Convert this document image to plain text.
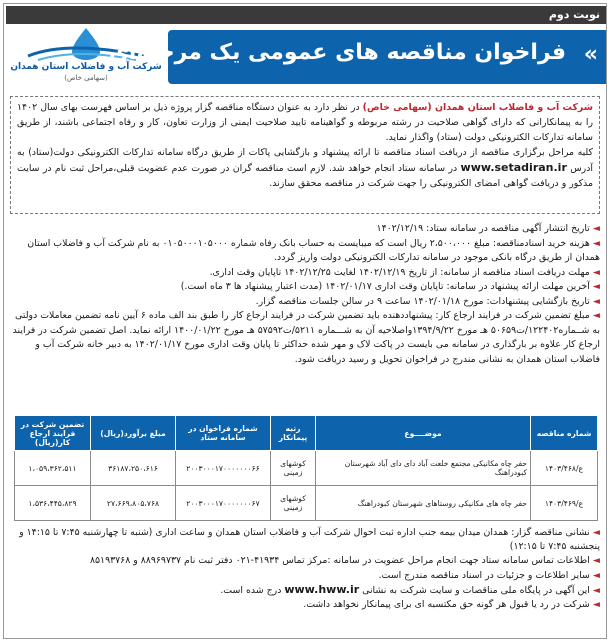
نوبت دوم
شرکت آب و فاضلاب استان همدان
(سهامی خاص)
»
فراخوان مناقصه های عمومی یک مرحله‌ای

شرکت آب و فاضلاب استان همدان (سهامی خاص) در نظر دارد به عنوان دستگاه مناقصه گزار پروژه ذیل بر اساس فهرست بهای سال ۱۴۰۲ را به پیمانکارانی که دارای گواهی صلاحیت در رشته مربوطه و گواهینامه تایید صلاحیت ایمنی از وزارت تعاون، کار و رفاه اجتماعی باشند، از طریق سامانه تدارکات الکترونیکی دولت (ستاد) واگذار نماید.

کلیه مراحل برگزاری مناقصه از دریافت اسناد مناقصه تا ارائه پیشنهاد و بازگشایی پاکات از طریق درگاه سامانه تدارکات الکترونیکی دولت(ستاد) به آدرس www.setadiran.ir در سامانه ستاد انجام خواهد شد. لازم است مناقصه گران در صورت عدم عضویت قبلی،مراحل ثبت نام در سایت مذکور و دریافت گواهی امضای الکترونیکی را جهت شرکت در مناقصه محقق سازند.

◄ تاریخ انتشار آگهی مناقصه در سامانه ستاد: ۱۴۰۲/۱۲/۱۹
◄ هزینه خرید اسنادمناقصه: مبلغ ۲،۵۰۰،۰۰۰ ریال است که میبایست به حساب بانک رفاه شماره ۰۱۰۵۰۰۰۱۰۵۰۰۰ به نام شرکت آب و فاضلاب استان همدان از طریق درگاه بانکی موجود در سامانه تدارکات الکترونیکی دولت واریز گردد.
◄ مهلت دریافت اسناد مناقصه از سامانه: از تاریخ ۱۴۰۲/۱۲/۱۹ لغایت ۱۴۰۲/۱۲/۲۵ تاپایان وقت اداری.
◄ آخرین مهلت ارائه پیشنهاد در سامانه: تاپایان وقت اداری ۱۴۰۲/۰۱/۱۷ (مدت اعتبار پیشنهاد ها ۳ ماه است.)
◄ تاریخ بازگشایی پیشنهادات: مورخ ۱۴۰۲/۰۱/۱۸ ساعت ۹ در سالن جلسات مناقصه گزار.
◄ مبلغ تضمین شرکت در فرایند ارجاع کار: پیشنهاددهنده باید تضمین شرکت در فرایند ارجاع کار را طبق بند الف ماده ۶ آیین نامه تضمین معاملات دولتی به شــماره۱۲۲۴۰۲/ت۵۰۶۵۹ هـ مورخ ۱۳۹۴/۹/۲۲واصلاحیه آن به شـــماره ۵۲۱۱/ت۵۷۵۹۲ هـ مورخ ۱۴۰۰/۰۱/۲۲ ارائه نماید. اصل تضمین شرکت در فرایند ارجاع کار علاوه بر بارگذاری در سامانه می بایست در پاکت لاک و مهر شده حداکثر تا پایان وقت اداری مورخ ۱۴۰۲/۰۱/۱۷ به دبیر خانه شرکت آب و فاضلاب استان همدان به نشانی مندرج در فراخوان تحویل و رسید دریافت شود.
شماره مناقصه	موضــــوع	رتبه پیمانکار	شماره فراخوان در سامانه ستاد	مبلغ برآورد(ریال)	تضمین شرکت در فرایند ارجاع کار(ریال)
ع/۱۴۰۳/۴۶۸	حفر چاه مکانیکی مجتمع خلعت آباد دای دای آباد شهرستان کبودراهنگ	کوشهای زمینی	۲۰۰۳۰۰۰۱۷۰۰۰۰۰۰۰۶۶	۳۶۱۸۷،۲۵۰،۶۱۶	۱،۰۵۹،۳۶۲،۵۱۱
ع/۱۴۰۳/۴۶۹	حفر چاه های مکانیکی روستاهای شهرستان کبودراهنگ	کوشهای زمینی	۲۰۰۳۰۰۰۱۷۰۰۰۰۰۰۰۶۷	۲۷،۶۶۹،۸۰۵،۷۶۸	۱،۵۳۶،۴۴۵،۸۲۹
◄ نشانی مناقصه گزار: همدان میدان بیمه جنب اداره ثبت احوال شرکت آب و فاضلاب استان همدان و ساعت اداری (شنبه تا چهارشنبه ۷:۴۵ تا ۱۴:۱۵ و پنجشنبه ۷:۴۵ تا ۱۲:۱۵)
◄ اطلاعات تماس سامانه ستاد جهت انجام مراحل عضویت در سامانه :مرکز تماس ۴۱۹۳۴-۰۲۱ دفتر ثبت نام ۸۸۹۶۹۷۳۷ و ۸۵۱۹۳۷۶۸
◄ سایر اطلاعات و جزئیات در اسناد مناقصه مندرج است.
◄ این آگهی در پایگاه ملی مناقصات و سایت شرکت به نشانی www.hww.ir درج شده است.
◄ شرکت در رد یا قبول هر گونه حق مکتسبه ای برای پیمانکار نخواهد داشت.
